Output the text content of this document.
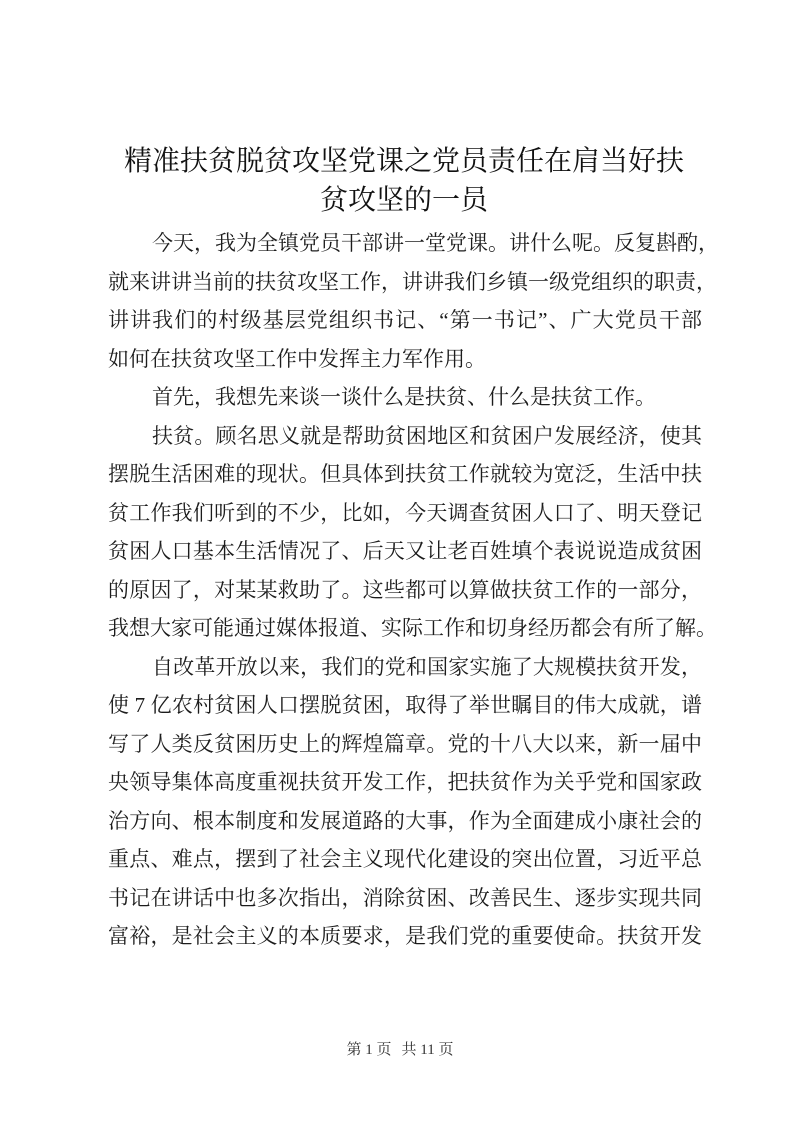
精准扶贫脱贫攻坚党课之党员责任在肩当好扶
贫攻坚的一员
今天，我为全镇党员干部讲一堂党课。讲什么呢。反复斟酌，
就来讲讲当前的扶贫攻坚工作，讲讲我们乡镇一级党组织的职责，
讲讲我们的村级基层党组织书记、“第一书记”、广大党员干部
如何在扶贫攻坚工作中发挥主力军作用。
首先，我想先来谈一谈什么是扶贫、什么是扶贫工作。
扶贫。顾名思义就是帮助贫困地区和贫困户发展经济，使其
摆脱生活困难的现状。但具体到扶贫工作就较为宽泛，生活中扶
贫工作我们听到的不少，比如，今天调查贫困人口了、明天登记
贫困人口基本生活情况了、后天又让老百姓填个表说说造成贫困
的原因了，对某某救助了。这些都可以算做扶贫工作的一部分，
我想大家可能通过媒体报道、实际工作和切身经历都会有所了解。
自改革开放以来，我们的党和国家实施了大规模扶贫开发，
使 7 亿农村贫困人口摆脱贫困，取得了举世瞩目的伟大成就，谱
写了人类反贫困历史上的辉煌篇章。党的十八大以来，新一届中
央领导集体高度重视扶贫开发工作，把扶贫作为关乎党和国家政
治方向、根本制度和发展道路的大事，作为全面建成小康社会的
重点、难点，摆到了社会主义现代化建设的突出位置，习近平总
书记在讲话中也多次指出，消除贫困、改善民生、逐步实现共同
富裕，是社会主义的本质要求，是我们党的重要使命。扶贫开发
第 1 页 共 11 页
